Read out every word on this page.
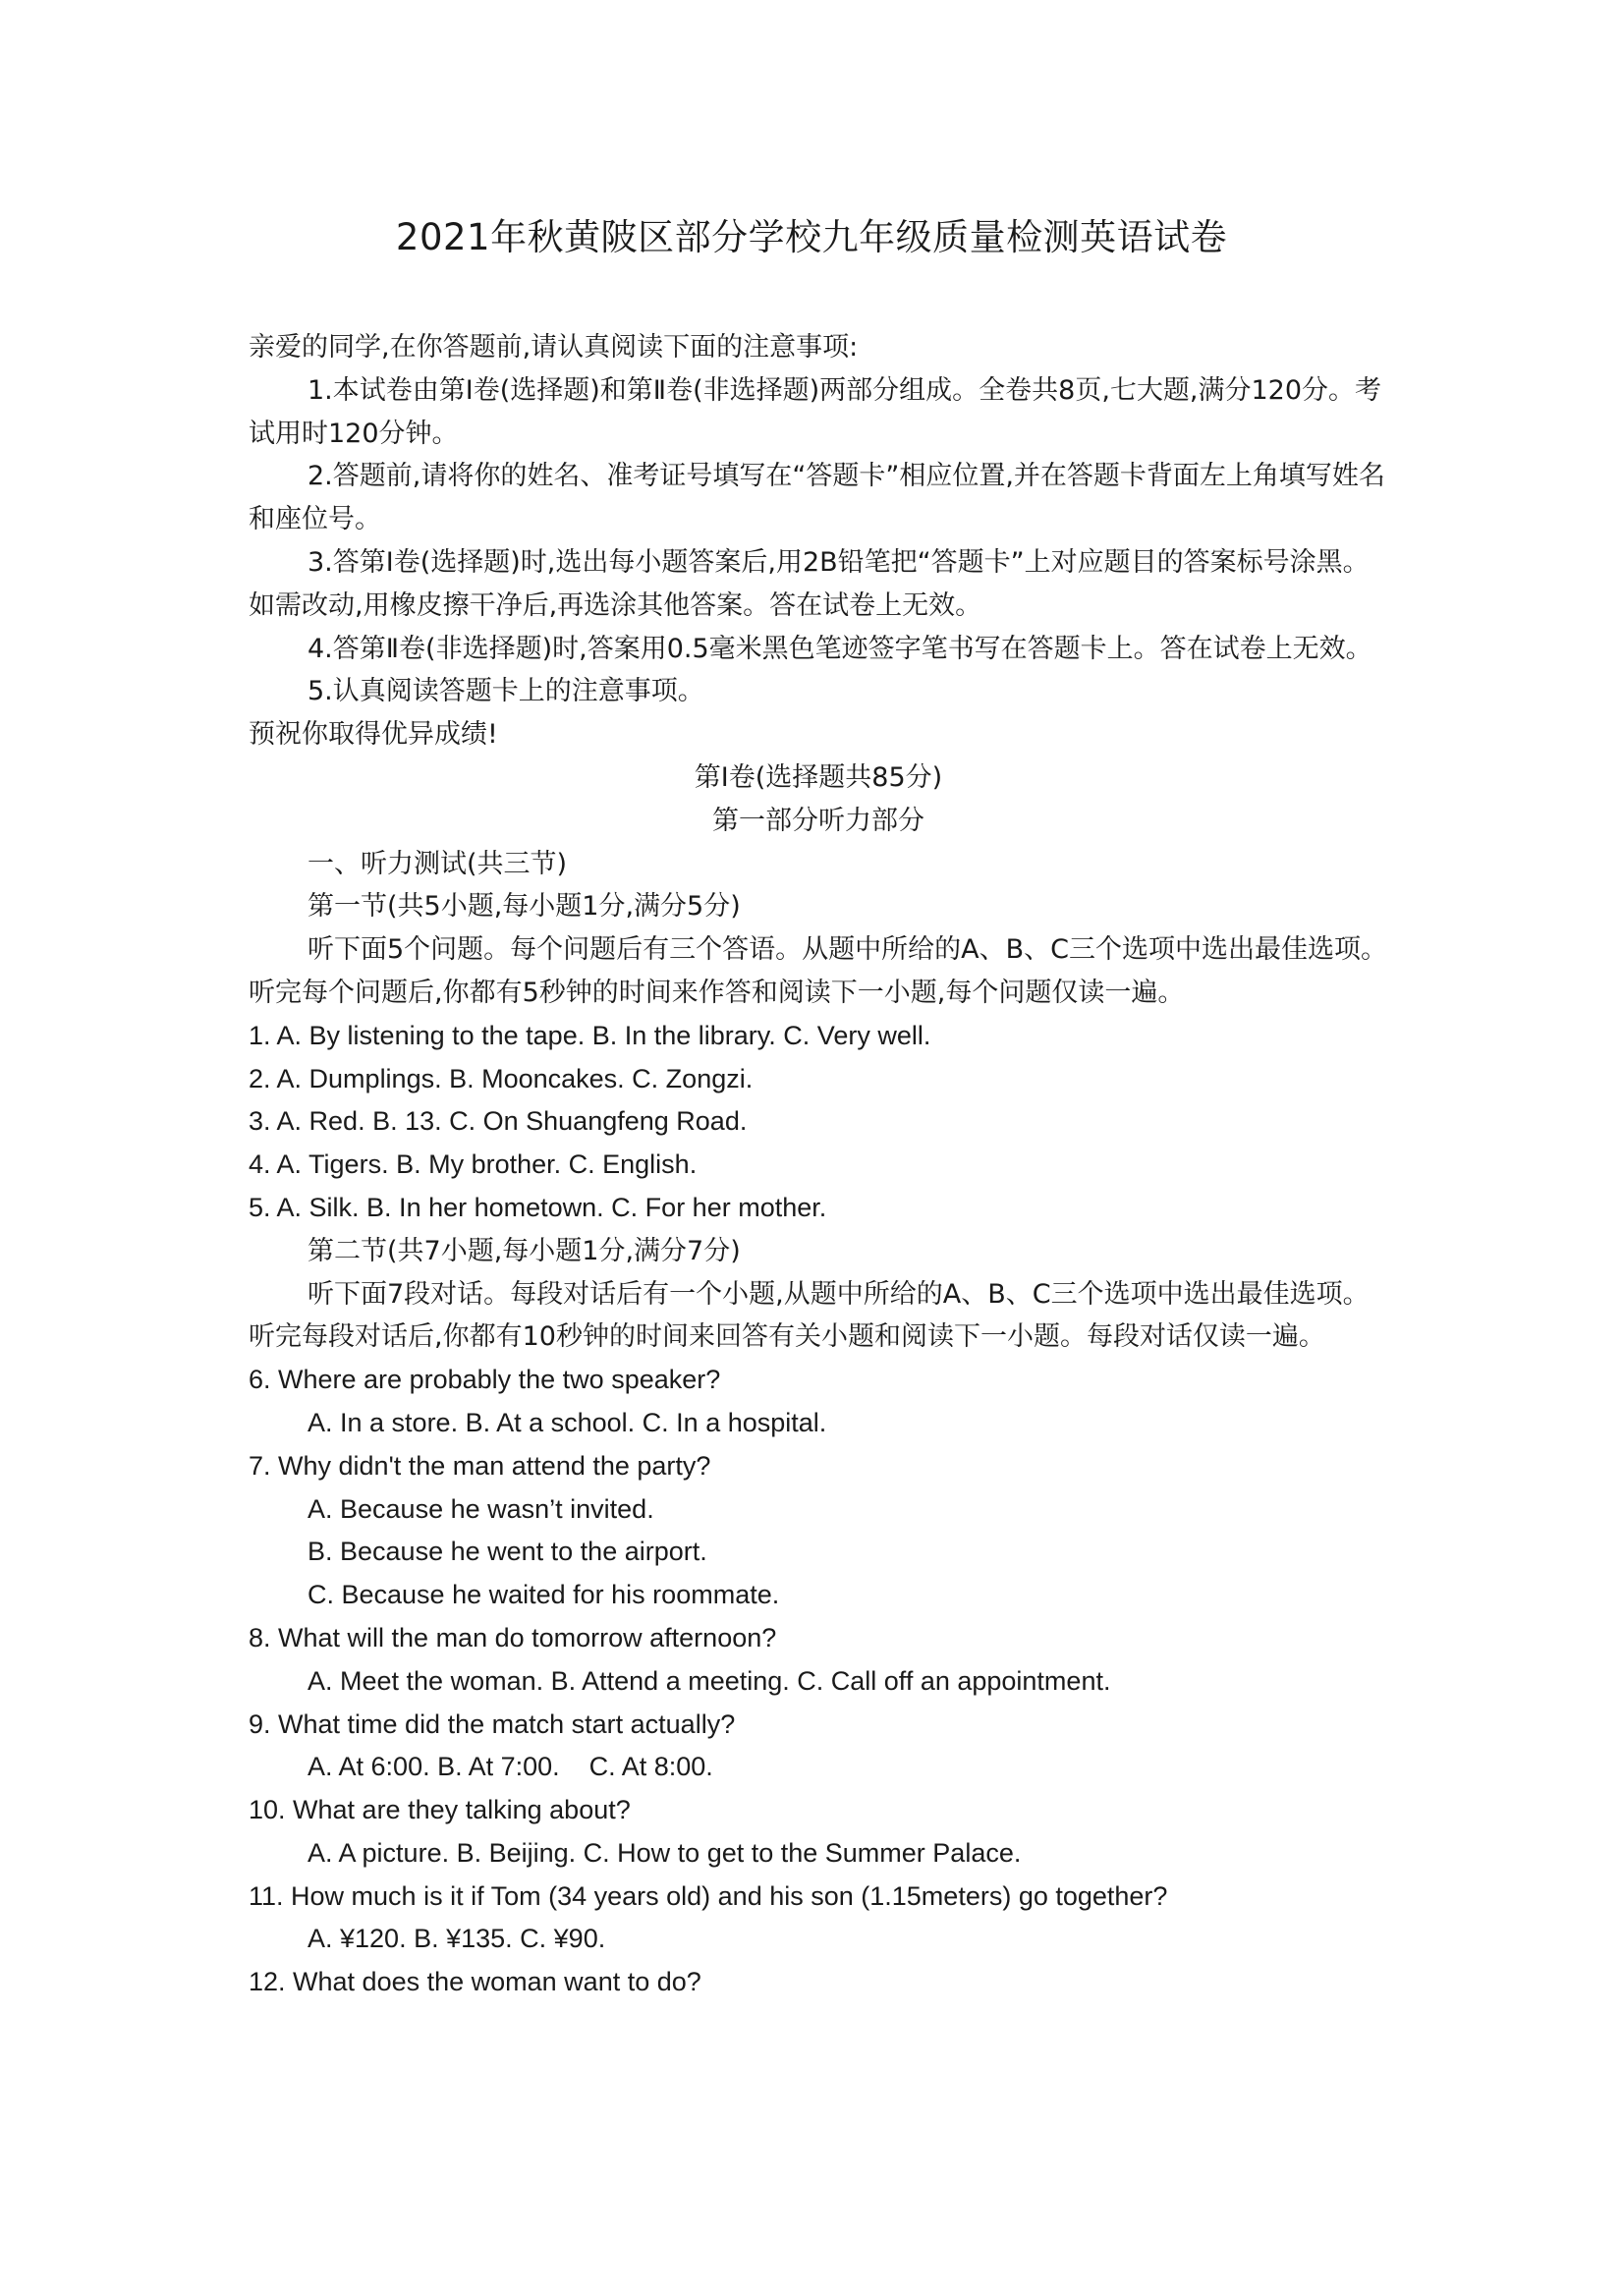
2021年秋黄陂区部分学校九年级质量检测英语试卷

亲爱的同学,在你答题前,请认真阅读下面的注意事项:

1.本试卷由第Ⅰ卷(选择题)和第Ⅱ卷(非选择题)两部分组成。全卷共8页,七大题,满分120分。考试用时120分钟。

2.答题前,请将你的姓名、准考证号填写在“答题卡”相应位置,并在答题卡背面左上角填写姓名和座位号。

3.答第Ⅰ卷(选择题)时,选出每小题答案后,用2B铅笔把“答题卡”上对应题目的答案标号涂黑。如需改动,用橡皮擦干净后,再选涂其他答案。答在试卷上无效。

4.答第Ⅱ卷(非选择题)时,答案用0.5毫米黑色笔迹签字笔书写在答题卡上。答在试卷上无效。

5.认真阅读答题卡上的注意事项。

预祝你取得优异成绩!

第Ⅰ卷(选择题共85分)

第一部分听力部分

一、听力测试(共三节)

第一节(共5小题,每小题1分,满分5分)

听下面5个问题。每个问题后有三个答语。从题中所给的A、B、C三个选项中选出最佳选项。听完每个问题后,你都有5秒钟的时间来作答和阅读下一小题,每个问题仅读一遍。

1. A. By listening to the tape. B. In the library. C. Very well.

2. A. Dumplings. B. Mooncakes. C. Zongzi.

3. A. Red. B. 13. C. On Shuangfeng Road.

4. A. Tigers. B. My brother. C. English.

5. A. Silk. B. In her hometown. C. For her mother.

第二节(共7小题,每小题1分,满分7分)

听下面7段对话。每段对话后有一个小题,从题中所给的A、B、C三个选项中选出最佳选项。听完每段对话后,你都有10秒钟的时间来回答有关小题和阅读下一小题。每段对话仅读一遍。

6. Where are probably the two speaker?

A. In a store. B. At a school. C. In a hospital.

7. Why didn't the man attend the party?

A. Because he wasn’t invited.

B. Because he went to the airport.

C. Because he waited for his roommate.

8. What will the man do tomorrow afternoon?

A. Meet the woman. B. Attend a meeting. C. Call off an appointment.

9. What time did the match start actually?

A. At 6:00. B. At 7:00.    C. At 8:00.

10. What are they talking about?

A. A picture. B. Beijing. C. How to get to the Summer Palace.

11. How much is it if Tom (34 years old) and his son (1.15meters) go together?

A. ¥120. B. ¥135. C. ¥90.

12. What does the woman want to do?
